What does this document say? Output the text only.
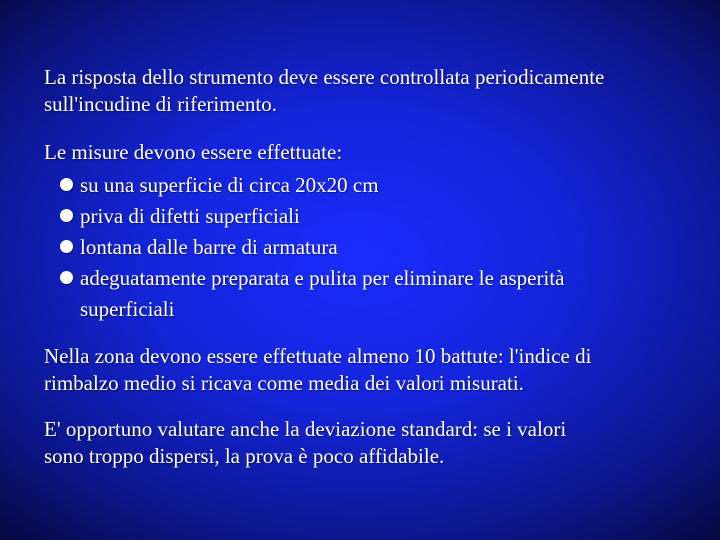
La risposta dello strumento deve essere controllata periodicamente
sull'incudine di riferimento.

Le misure devono essere effettuate:

su una superficie di circa 20x20 cm
priva di difetti superficiali
lontana dalle barre di armatura
adeguatamente preparata e pulita per eliminare le asperità
superficiali

Nella zona devono essere effettuate almeno 10 battute: l'indice di
rimbalzo medio si ricava come media dei valori misurati.

E' opportuno valutare anche la deviazione standard: se i valori
sono troppo dispersi, la prova è poco affidabile.
